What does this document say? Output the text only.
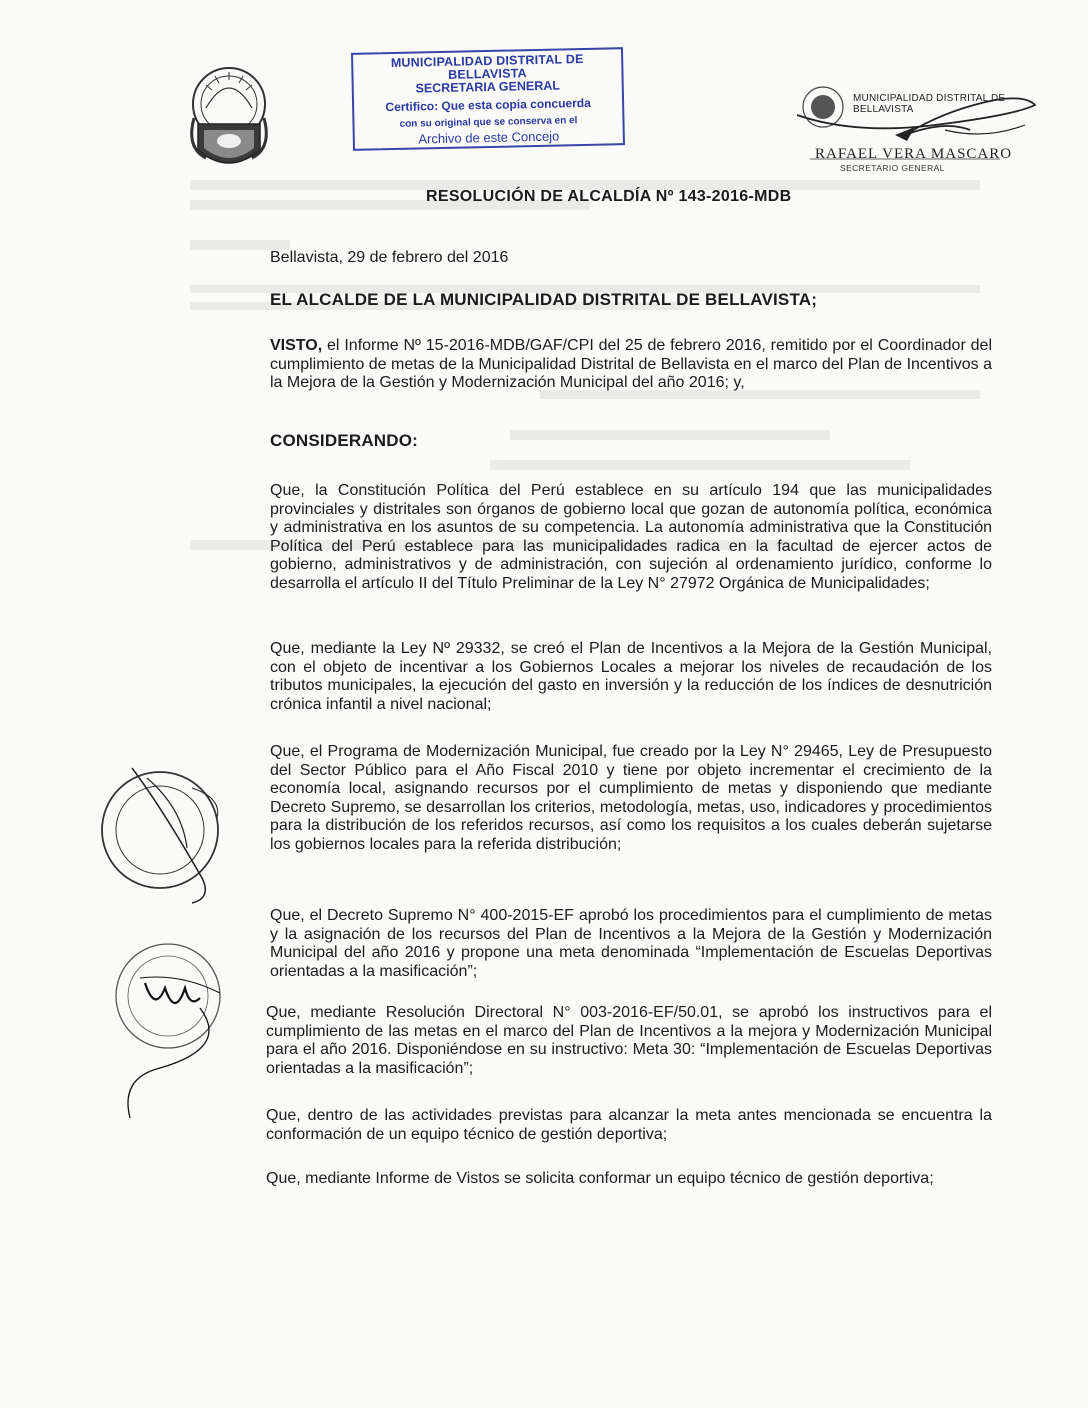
MUNICIPALIDAD DISTRITAL DE BELLAVISTA
SECRETARIA GENERAL
Certifico: Que esta copia concuerda
con su original que se conserva en el
Archivo de este Concejo
MUNICIPALIDAD DISTRITAL DE BELLAVISTA
RAFAEL VERA MASCARO
SECRETARIO GENERAL
RESOLUCIÓN DE ALCALDÍA Nº 143-2016-MDB
Bellavista, 29 de febrero del 2016
EL ALCALDE DE LA MUNICIPALIDAD DISTRITAL DE BELLAVISTA;
VISTO, el Informe Nº 15-2016-MDB/GAF/CPI del 25 de febrero 2016, remitido por el Coordinador del cumplimiento de metas de la Municipalidad Distrital de Bellavista en el marco del Plan de Incentivos a la Mejora de la Gestión y Modernización Municipal del año 2016; y,
CONSIDERANDO:
Que, la Constitución Política del Perú establece en su artículo 194 que las municipalidades provinciales y distritales son órganos de gobierno local que gozan de autonomía política, económica y administrativa en los asuntos de su competencia. La autonomía administrativa que la Constitución Política del Perú establece para las municipalidades radica en la facultad de ejercer actos de gobierno, administrativos y de administración, con sujeción al ordenamiento jurídico, conforme lo desarrolla el artículo II del Título Preliminar de la Ley N° 27972 Orgánica de Municipalidades;
Que, mediante la Ley Nº 29332, se creó el Plan de Incentivos a la Mejora de la Gestión Municipal, con el objeto de incentivar a los Gobiernos Locales a mejorar los niveles de recaudación de los tributos municipales, la ejecución del gasto en inversión y la reducción de los índices de desnutrición crónica infantil a nivel nacional;
Que, el Programa de Modernización Municipal, fue creado por la Ley N° 29465, Ley de Presupuesto del Sector Público para el Año Fiscal 2010 y tiene por objeto incrementar el crecimiento de la economía local, asignando recursos por el cumplimiento de metas y disponiendo que mediante Decreto Supremo, se desarrollan los criterios, metodología, metas, uso, indicadores y procedimientos para la distribución de los referidos recursos, así como los requisitos a los cuales deberán sujetarse los gobiernos locales para la referida distribución;
Que, el Decreto Supremo N° 400-2015-EF aprobó los procedimientos para el cumplimiento de metas y la asignación de los recursos del Plan de Incentivos a la Mejora de la Gestión y Modernización Municipal del año 2016 y propone una meta denominada “Implementación de Escuelas Deportivas orientadas a la masificación”;
Que, mediante Resolución Directoral N° 003-2016-EF/50.01, se aprobó los instructivos para el cumplimiento de las metas en el marco del Plan de Incentivos a la mejora y Modernización Municipal para el año 2016. Disponiéndose en su instructivo: Meta 30: “Implementación de Escuelas Deportivas orientadas a la masificación”;
Que, dentro de las actividades previstas para alcanzar la meta antes mencionada se encuentra la conformación de un equipo técnico de gestión deportiva;
Que, mediante Informe de Vistos se solicita conformar un equipo técnico de gestión deportiva;
